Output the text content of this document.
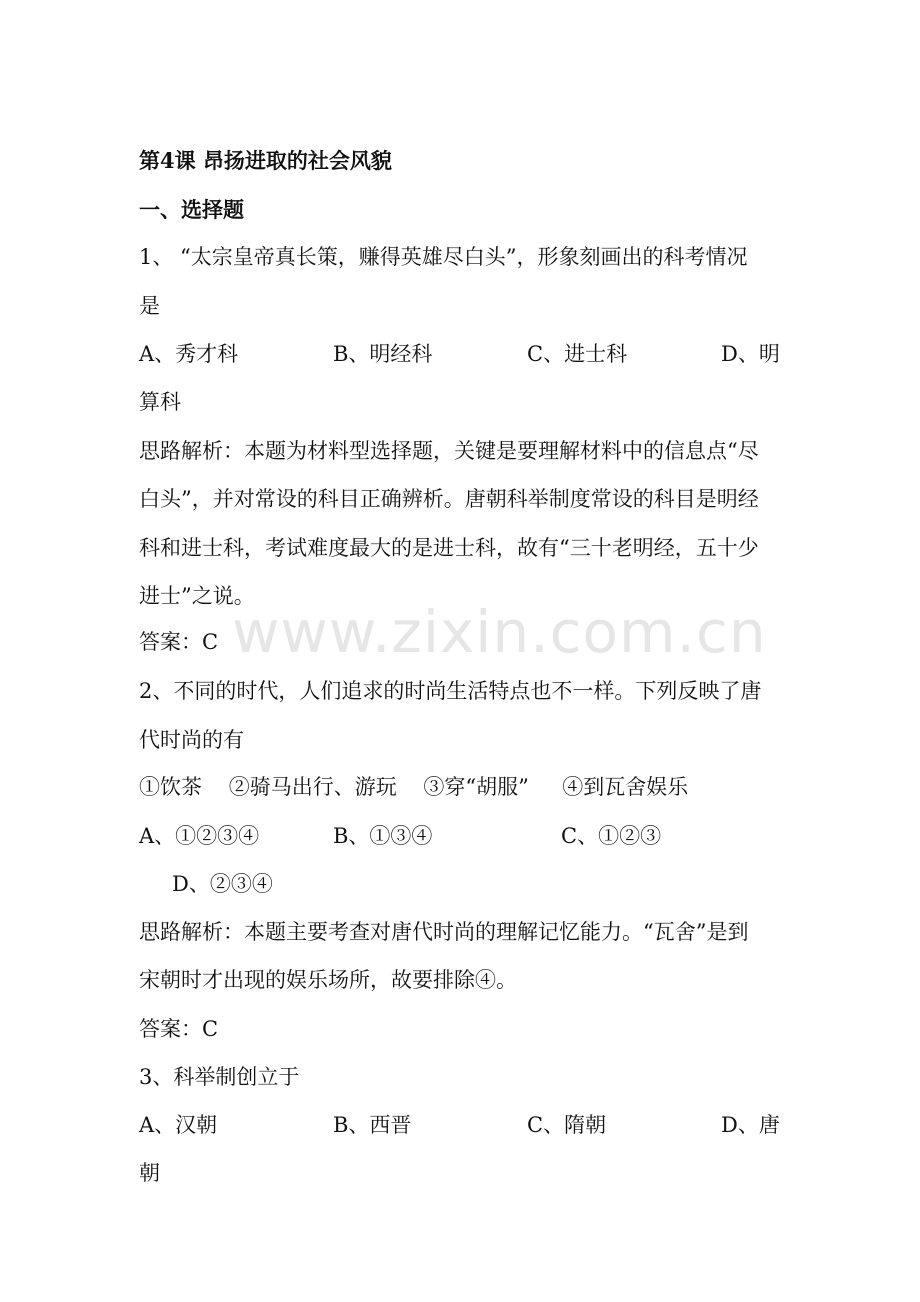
第4课 昂扬进取的社会风貌
一、选择题
1、 “太宗皇帝真长策，赚得英雄尽白头”，形象刻画出的科考情况
是
A、秀才科	B、明经科	C、进士科	D、明
算科
思路解析：本题为材料型选择题，关键是要理解材料中的信息点“尽
白头”，并对常设的科目正确辨析。唐朝科举制度常设的科目是明经
科和进士科，考试难度最大的是进士科，故有“三十老明经，五十少
进士”之说。
答案：C www.zixin.com.cn
2、不同的时代，人们追求的时尚生活特点也不一样。下列反映了唐
代时尚的有
①饮茶    ②骑马出行、游玩    ③穿“胡服”     ④到瓦舍娱乐
A、①②③④	B、①③④	C、①②③
D、②③④
思路解析：本题主要考查对唐代时尚的理解记忆能力。“瓦舍”是到
宋朝时才出现的娱乐场所，故要排除④。
答案：C
3、科举制创立于
A、汉朝	B、西晋	C、隋朝	D、唐
朝
